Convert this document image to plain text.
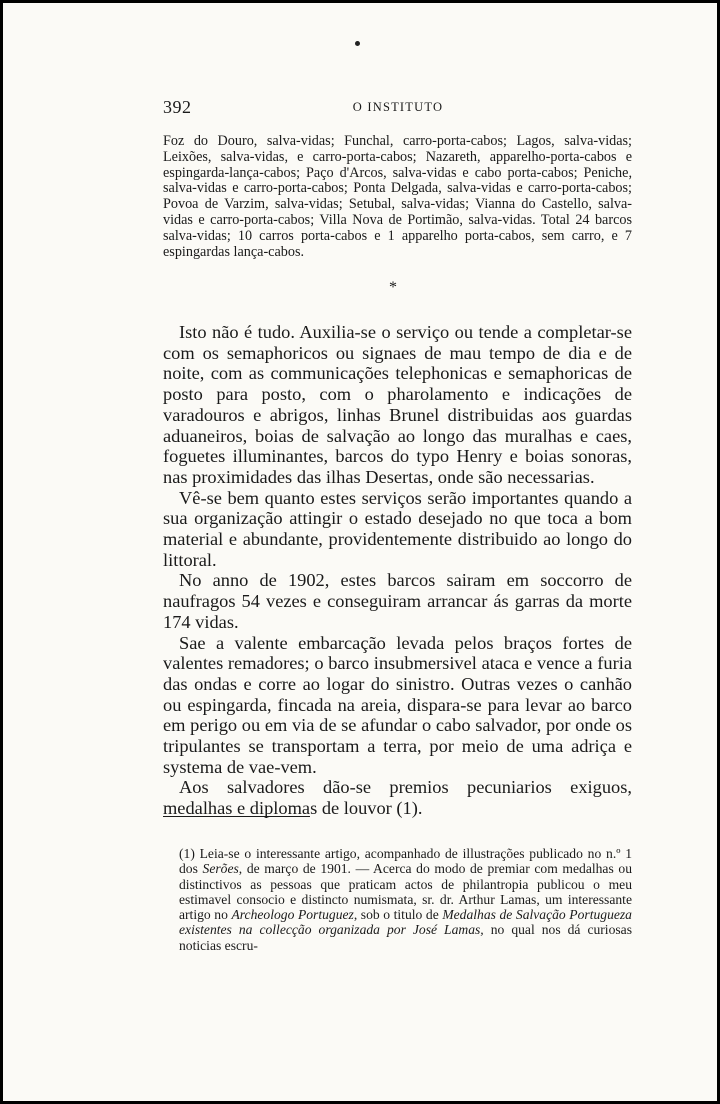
392	O INSTITUTO
Foz do Douro, salva-vidas; Funchal, carro-porta-cabos; Lagos, salva-vidas; Leixões, salva-vidas, e carro-porta-cabos; Nazareth, apparelho-porta-cabos e espingarda-lança-cabos; Paço d'Arcos, salva-vidas e cabo porta-cabos; Peniche, salva-vidas e carro-porta-cabos; Ponta Delgada, salva-vidas e carro-porta-cabos; Povoa de Varzim, salva-vidas; Setubal, salva-vidas; Vianna do Castello, salva-vidas e carro-porta-cabos; Villa Nova de Portimão, salva-vidas. Total 24 barcos salva-vidas; 10 carros porta-cabos e 1 apparelho porta-cabos, sem carro, e 7 espingardas lança-cabos.
*

Isto não é tudo. Auxilia-se o serviço ou tende a completar-se com os semaphoricos ou signaes de mau tempo de dia e de noite, com as communicações telephonicas e semaphoricas de posto para posto, com o pharolamento e indicações de varadouros e abrigos, linhas Brunel distribuidas aos guardas aduaneiros, boias de salvação ao longo das muralhas e caes, foguetes illuminantes, barcos do typo Henry e boias sonoras, nas proximidades das ilhas Desertas, onde são necessarias.

Vê-se bem quanto estes serviços serão importantes quando a sua organização attingir o estado desejado no que toca a bom material e abundante, providentemente distribuido ao longo do littoral.

No anno de 1902, estes barcos sairam em soccorro de naufragos 54 vezes e conseguiram arrancar ás garras da morte 174 vidas.

Sae a valente embarcação levada pelos braços fortes de valentes remadores; o barco insubmersivel ataca e vence a furia das ondas e corre ao logar do sinistro. Outras vezes o canhão ou espingarda, fincada na areia, dispara-se para levar ao barco em perigo ou em via de se afundar o cabo salvador, por onde os tripulantes se transportam a terra, por meio de uma adriça e systema de vae-vem.

Aos salvadores dão-se premios pecuniarios exiguos, medalhas e diplomas de louvor (1).

(1) Leia-se o interessante artigo, acompanhado de illustrações publicado no n.º 1 dos Serões, de março de 1901. — Acerca do modo de premiar com medalhas ou distinctivos as pessoas que praticam actos de philantropia publicou o meu estimavel consocio e distincto numismata, sr. dr. Arthur Lamas, um interessante artigo no Archeologo Portuguez, sob o titulo de Medalhas de Salvação Portugueza existentes na collecção organizada por José Lamas, no qual nos dá curiosas noticias escru-
